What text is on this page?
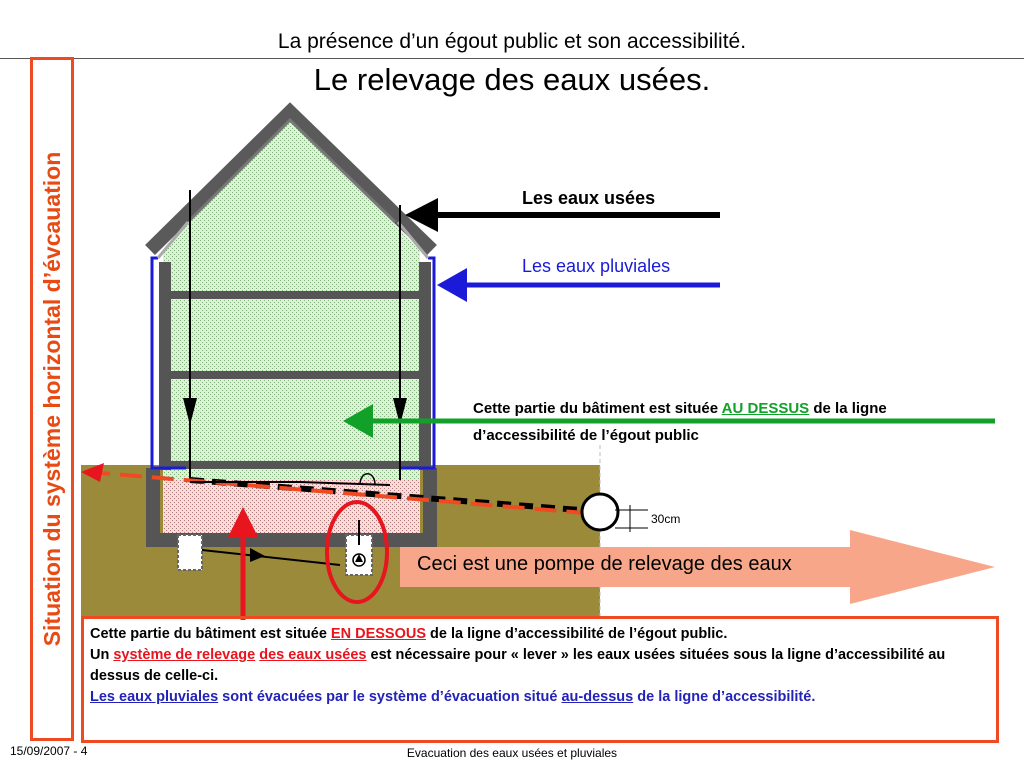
La présence d’un égout public et son accessibilité.
Le relevage des eaux usées.
Situation du système horizontal d’évcauation	Les eaux usées
Les eaux pluviales
30cm
Cette partie du bâtiment est située AU DESSUS de la ligne d’accessibilité de l’égout public
Ceci est une pompe de relevage des eaux
Cette partie du bâtiment est située EN DESSOUS de la ligne d’accessibilité de l’égout public.
Un système de relevage des eaux usées est nécessaire pour « lever » les eaux usées situées sous la ligne d’accessibilité au dessus de celle-ci.
Les eaux pluviales sont évacuées par le système d’évacuation situé au-dessus de la ligne d’accessibilité.
15/09/2007 - 4	Evacuation des eaux usées et pluviales
